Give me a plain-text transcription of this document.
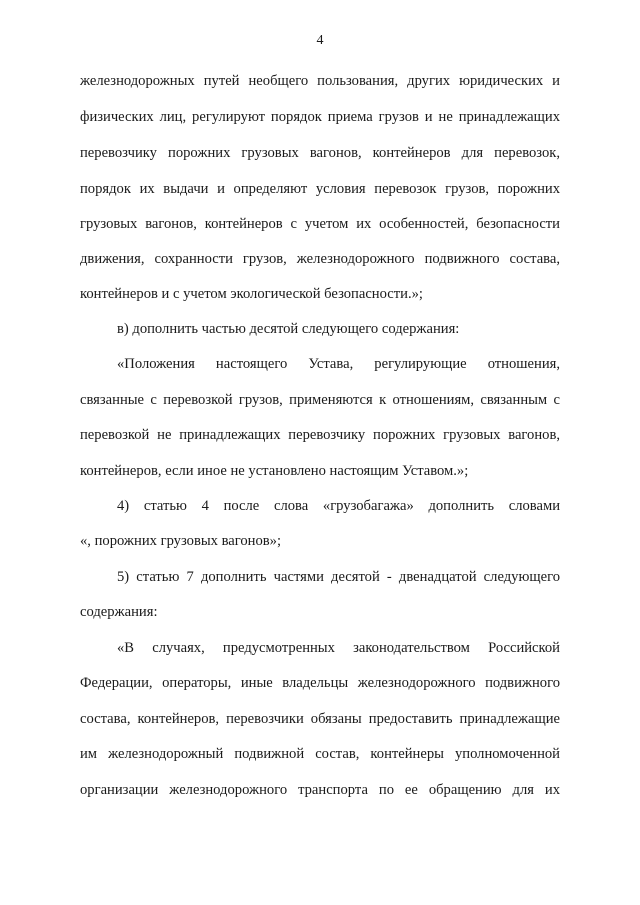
4
железнодорожных путей необщего пользования, других юридических и
физических лиц, регулируют порядок приема грузов и не принадлежащих
перевозчику порожних грузовых вагонов, контейнеров для перевозок,
порядок их выдачи и определяют условия перевозок грузов, порожних
грузовых вагонов, контейнеров с учетом их особенностей, безопасности
движения, сохранности грузов, железнодорожного подвижного состава,
контейнеров и с учетом экологической безопасности.»;
в) дополнить частью десятой следующего содержания:
«Положения настоящего Устава, регулирующие отношения,
связанные с перевозкой грузов, применяются к отношениям, связанным с
перевозкой не принадлежащих перевозчику порожних грузовых вагонов,
контейнеров, если иное не установлено настоящим Уставом.»;
4) статью 4 после слова «грузобагажа» дополнить словами
«, порожних грузовых вагонов»;
5) статью 7 дополнить частями десятой - двенадцатой следующего
содержания:
«В случаях, предусмотренных законодательством Российской
Федерации, операторы, иные владельцы железнодорожного подвижного
состава, контейнеров, перевозчики обязаны предоставить принадлежащие
им железнодорожный подвижной состав, контейнеры уполномоченной
организации железнодорожного транспорта по ее обращению для их
